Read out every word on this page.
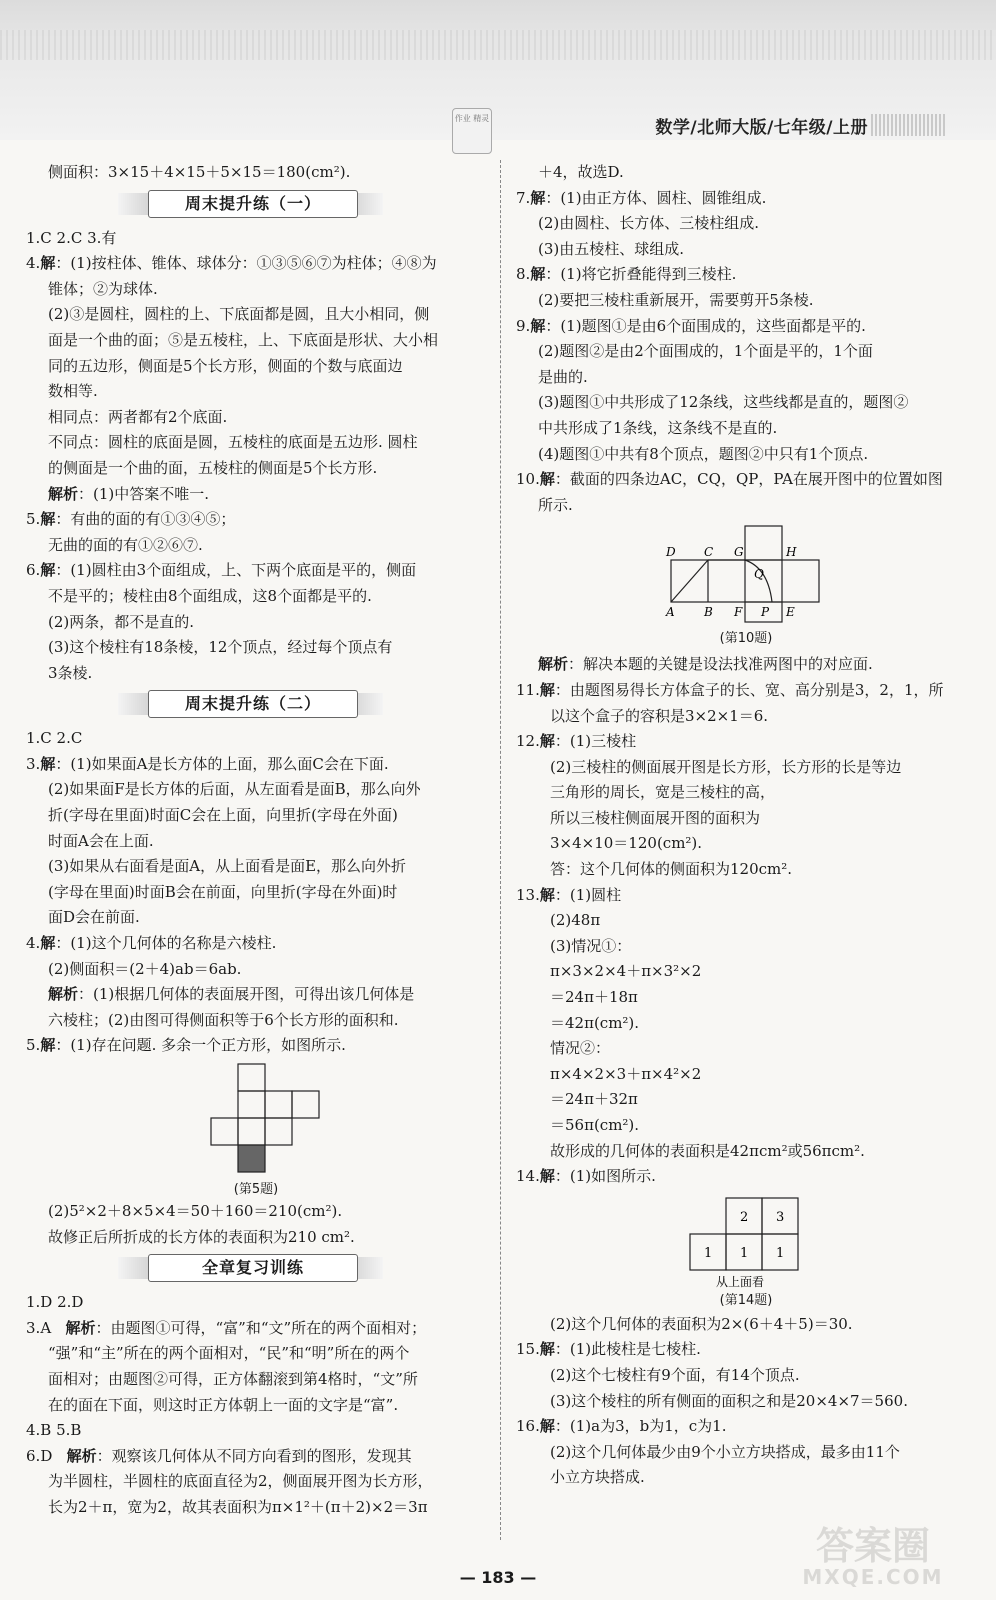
作业 精灵	数学/北师大版/七年级/上册
侧面积：3×15＋4×15＋5×15＝180(cm²).
周末提升练（一）
1.C 2.C 3.有
4.解：(1)按柱体、锥体、球体分：①③⑤⑥⑦为柱体；④⑧为
锥体；②为球体.
(2)③是圆柱，圆柱的上、下底面都是圆，且大小相同，侧
面是一个曲的面；⑤是五棱柱，上、下底面是形状、大小相
同的五边形，侧面是5个长方形，侧面的个数与底面边
数相等.
相同点：两者都有2个底面.
不同点：圆柱的底面是圆，五棱柱的底面是五边形. 圆柱
的侧面是一个曲的面，五棱柱的侧面是5个长方形.
解析：(1)中答案不唯一.
5.解：有曲的面的有①③④⑤；
无曲的面的有①②⑥⑦.
6.解：(1)圆柱由3个面组成，上、下两个底面是平的，侧面
不是平的；棱柱由8个面组成，这8个面都是平的.
(2)两条，都不是直的.
(3)这个棱柱有18条棱，12个顶点，经过每个顶点有
3条棱.
周末提升练（二）
1.C 2.C
3.解：(1)如果面A是长方体的上面，那么面C会在下面.
(2)如果面F是长方体的后面，从左面看是面B，那么向外
折(字母在里面)时面C会在上面，向里折(字母在外面)
时面A会在上面.
(3)如果从右面看是面A，从上面看是面E，那么向外折
(字母在里面)时面B会在前面，向里折(字母在外面)时
面D会在前面.
4.解：(1)这个几何体的名称是六棱柱.
(2)侧面积＝(2＋4)ab＝6ab.
解析：(1)根据几何体的表面展开图，可得出该几何体是
六棱柱；(2)由图可得侧面积等于6个长方形的面积和.
5.解：(1)存在问题. 多余一个正方形，如图所示.
(第5题)
(2)5²×2＋8×5×4＝50＋160＝210(cm²).
故修正后所折成的长方体的表面积为210 cm².
全章复习训练
1.D 2.D
3.A 解析：由题图①可得，“富”和“文”所在的两个面相对；
“强”和“主”所在的两个面相对，“民”和“明”所在的两个
面相对；由题图②可得，正方体翻滚到第4格时，“文”所
在的面在下面，则这时正方体朝上一面的文字是“富”.
4.B 5.B
6.D 解析：观察该几何体从不同方向看到的图形，发现其
为半圆柱，半圆柱的底面直径为2，侧面展开图为长方形，
长为2＋π，宽为2，故其表面积为π×1²＋(π＋2)×2＝3π
＋4，故选D.
7.解：(1)由正方体、圆柱、圆锥组成.
(2)由圆柱、长方体、三棱柱组成.
(3)由五棱柱、球组成.
8.解：(1)将它折叠能得到三棱柱.
(2)要把三棱柱重新展开，需要剪开5条棱.
9.解：(1)题图①是由6个面围成的，这些面都是平的.
(2)题图②是由2个面围成的，1个面是平的，1个面
是曲的.
(3)题图①中共形成了12条线，这些线都是直的，题图②
中共形成了1条线，这条线不是直的.
(4)题图①中共有8个顶点，题图②中只有1个顶点.
10.解：截面的四条边AC，CQ，QP，PA在展开图中的位置如图
所示.
D C G	H
Q
A B F P E
(第10题)
解析：解决本题的关键是设法找准两图中的对应面.
11.解：由题图易得长方体盒子的长、宽、高分别是3，2，1，所
以这个盒子的容积是3×2×1＝6.
12.解：(1)三棱柱
(2)三棱柱的侧面展开图是长方形，长方形的长是等边
三角形的周长，宽是三棱柱的高，
所以三棱柱侧面展开图的面积为
3×4×10＝120(cm²).
答：这个几何体的侧面积为120cm².
13.解：(1)圆柱
(2)48π
(3)情况①：
π×3×2×4＋π×3²×2
＝24π＋18π
＝42π(cm²).
情况②：
π×4×2×3＋π×4²×2
＝24π＋32π
＝56π(cm²).
故形成的几何体的表面积是42πcm²或56πcm².
14.解：(1)如图所示.
2 3
1 1 1
从上面看
(第14题)
(2)这个几何体的表面积为2×(6＋4＋5)＝30.
15.解：(1)此棱柱是七棱柱.
(2)这个七棱柱有9个面，有14个顶点.
(3)这个棱柱的所有侧面的面积之和是20×4×7＝560.
16.解：(1)a为3，b为1，c为1.
(2)这个几何体最少由9个小立方块搭成，最多由11个
小立方块搭成.
— 183 —
答案圈
MXQE.COM
